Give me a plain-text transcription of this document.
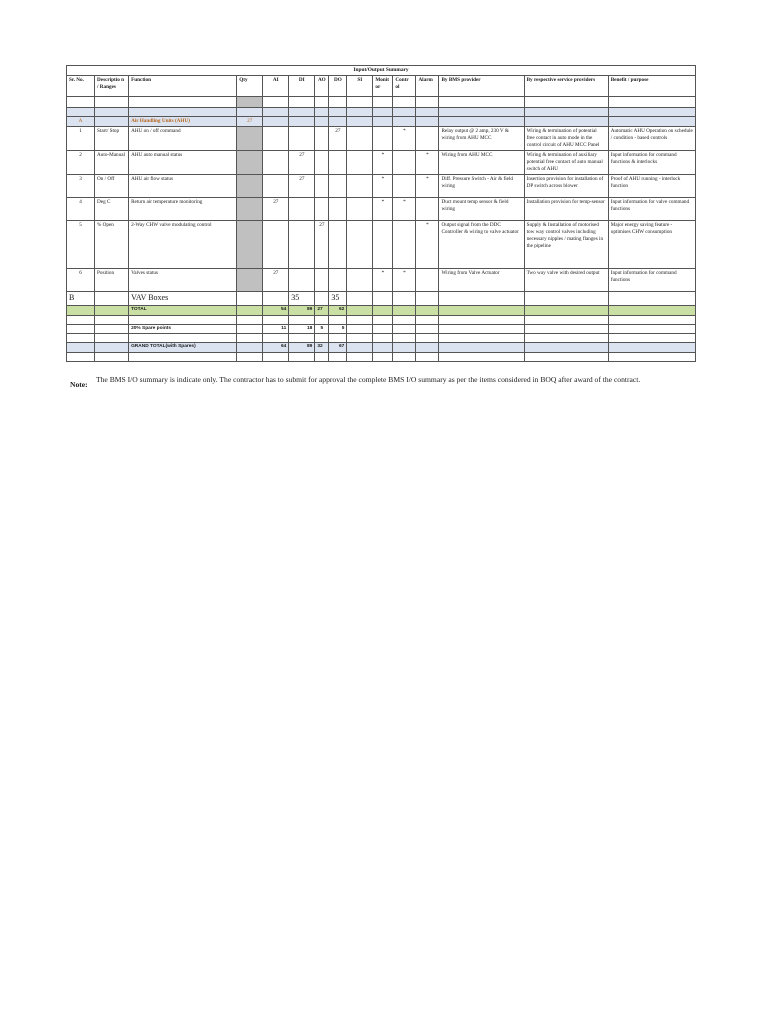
Input/Output Summary														
Sr. No.	Descriptio n / Ranges	Function	Qty	AI	DI	AO	DO	SI	Monit or	Contr ol	Alarm	By BMS provider	By respective service providers	Benefit / purpose

A		Air Handling Units (AHU)	27											
1	Start/ Stop	AHU on / off command					27			*		Relay output @ 2 amp, 230 V & wiring from AHU MCC	Wiring & termination of potential free contact in auto mode in the control circuit of AHU MCC Panel	Automatic AHU Operation on schedule / condition - based controls
2	Auto-Manual	AHU auto manual status			27				*		*	Wiring from AHU MCC	Wiring & termination of auxiliary potential free contact of auto manual switch of AHU	Input information for command functions & interlocks
3	On / Off	AHU air flow status			27				*		*	Diff. Pressure Switch - Air & field wiring	Insertion provision for installation of DP switch across blower	Proof of AHU running - interlock function
4	Deg C	Return air temperature monitoring		27					*	*		Duct mount temp sensor & field wiring	Installation provision for temp-sensor	Input information for valve command functions
5	% Open	2-Way CHW valve modulating control				27					*	Output signal from the DDC Controller & wiring to valve actuator	Supply & Installation of motorised tow way control valves including necessary nipples / mating flanges in the pipeline	Major energy saving feature - optimises CHW consumption
6	Position	Valves status		27					*	*		Wiring from Valve Actuator	Two way valve with desired output	Input information for command functions
B		VAV Boxes			35		35							
		TOTAL		54	89	27	62							

		20% Spare points		11	18	5	5							

		GRAND TOTAL(with Spares)		64	89	32	67							

Note:
The BMS I/O summary is indicate only. The contractor has to submit for approval the complete BMS I/O summary as per the items considered in BOQ after award of the contract.
